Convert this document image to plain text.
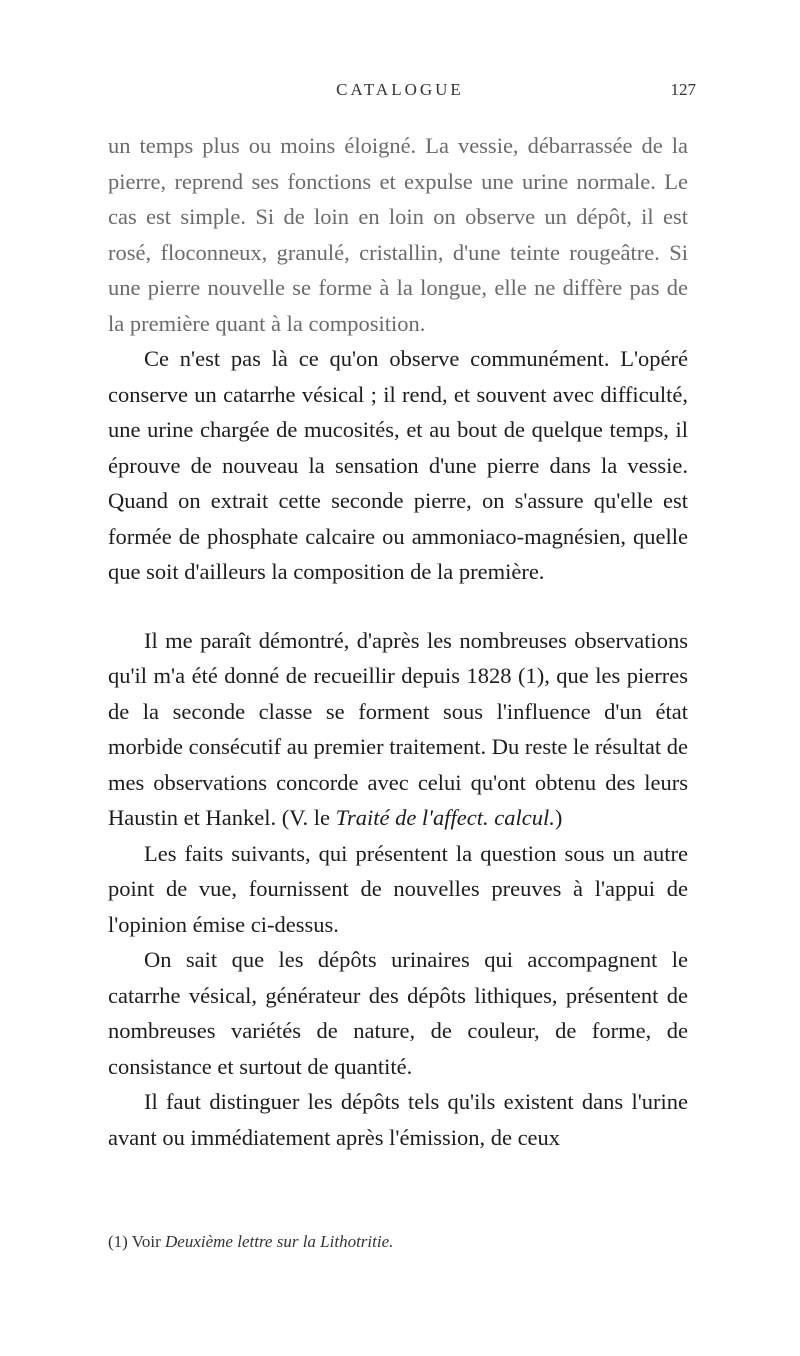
CATALOGUE	127

un temps plus ou moins éloigné. La vessie, débarrassée de la pierre, reprend ses fonctions et expulse une urine normale. Le cas est simple. Si de loin en loin on observe un dépôt, il est rosé, floconneux, granulé, cristallin, d'une teinte rougeâtre. Si une pierre nouvelle se forme à la longue, elle ne diffère pas de la première quant à la composition.

Ce n'est pas là ce qu'on observe communément. L'opéré conserve un catarrhe vésical ; il rend, et souvent avec difficulté, une urine chargée de mucosités, et au bout de quelque temps, il éprouve de nouveau la sensation d'une pierre dans la vessie. Quand on extrait cette seconde pierre, on s'assure qu'elle est formée de phosphate calcaire ou ammoniaco-magnésien, quelle que soit d'ailleurs la composition de la première.

Il me paraît démontré, d'après les nombreuses observations qu'il m'a été donné de recueillir depuis 1828 (1), que les pierres de la seconde classe se forment sous l'influence d'un état morbide consécutif au premier traitement. Du reste le résultat de mes observations concorde avec celui qu'ont obtenu des leurs Haustin et Hankel. (V. le Traité de l'affect. calcul.)

Les faits suivants, qui présentent la question sous un autre point de vue, fournissent de nouvelles preuves à l'appui de l'opinion émise ci-dessus.

On sait que les dépôts urinaires qui accompagnent le catarrhe vésical, générateur des dépôts lithiques, présentent de nombreuses variétés de nature, de couleur, de forme, de consistance et surtout de quantité.

Il faut distinguer les dépôts tels qu'ils existent dans l'urine avant ou immédiatement après l'émission, de ceux

(1) Voir Deuxième lettre sur la Lithotritie.
